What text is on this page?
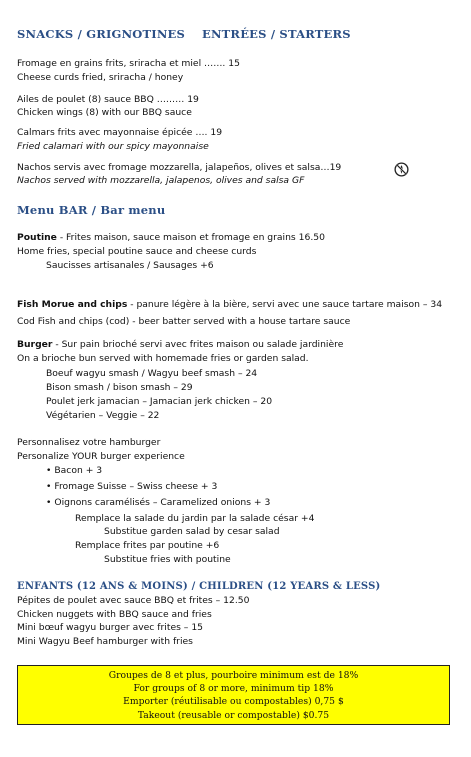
SNACKS / GRIGNOTINES ENTRÉES / STARTERS
Fromage en grains frits, sriracha et miel ……. 15
Cheese curds fried, sriracha / honey
Ailes de poulet (8) sauce BBQ ……… 19
Chicken wings (8) with our BBQ sauce
Calmars frits avec mayonnaise épicée …. 19
Fried calamari with our spicy mayonnaise
Nachos servis avec fromage mozzarella, jalapeños, olives et salsa…19
Nachos served with mozzarella, jalapenos, olives and salsa GF
Menu BAR / Bar menu
Poutine - Frites maison, sauce maison et fromage en grains 16.50
Home fries, special poutine sauce and cheese curds
Saucisses artisanales / Sausages +6
Fish Morue and chips - panure légère à la bière, servi avec une sauce tartare maison – 34
Cod Fish and chips (cod) - beer batter served with a house tartare sauce
Burger - Sur pain brioché servi avec frites maison ou salade jardinière
On a brioche bun served with homemade fries or garden salad.
Boeuf wagyu smash / Wagyu beef smash – 24
Bison smash / bison smash – 29
Poulet jerk jamacian – Jamacian jerk chicken – 20
Végétarien – Veggie – 22
Personnalisez votre hamburger
Personalize YOUR burger experience
• Bacon + 3
• Fromage Suisse – Swiss cheese + 3
• Oignons caramélisés – Caramelized onions + 3
Remplace la salade du jardin par la salade césar +4
Substitue garden salad by cesar salad
Remplace frites par poutine +6
Substitue fries with poutine
ENFANTS (12 ANS & MOINS) / CHILDREN (12 YEARS & LESS)
Pépites de poulet avec sauce BBQ et frites – 12.50
Chicken nuggets with BBQ sauce and fries
Mini bœuf wagyu burger avec frites – 15
Mini Wagyu Beef hamburger with fries
Groupes de 8 et plus, pourboire minimum est de 18%
For groups of 8 or more, minimum tip 18%
Emporter (réutilisable ou compostables) 0,75 $
Takeout (reusable or compostable) $0.75
